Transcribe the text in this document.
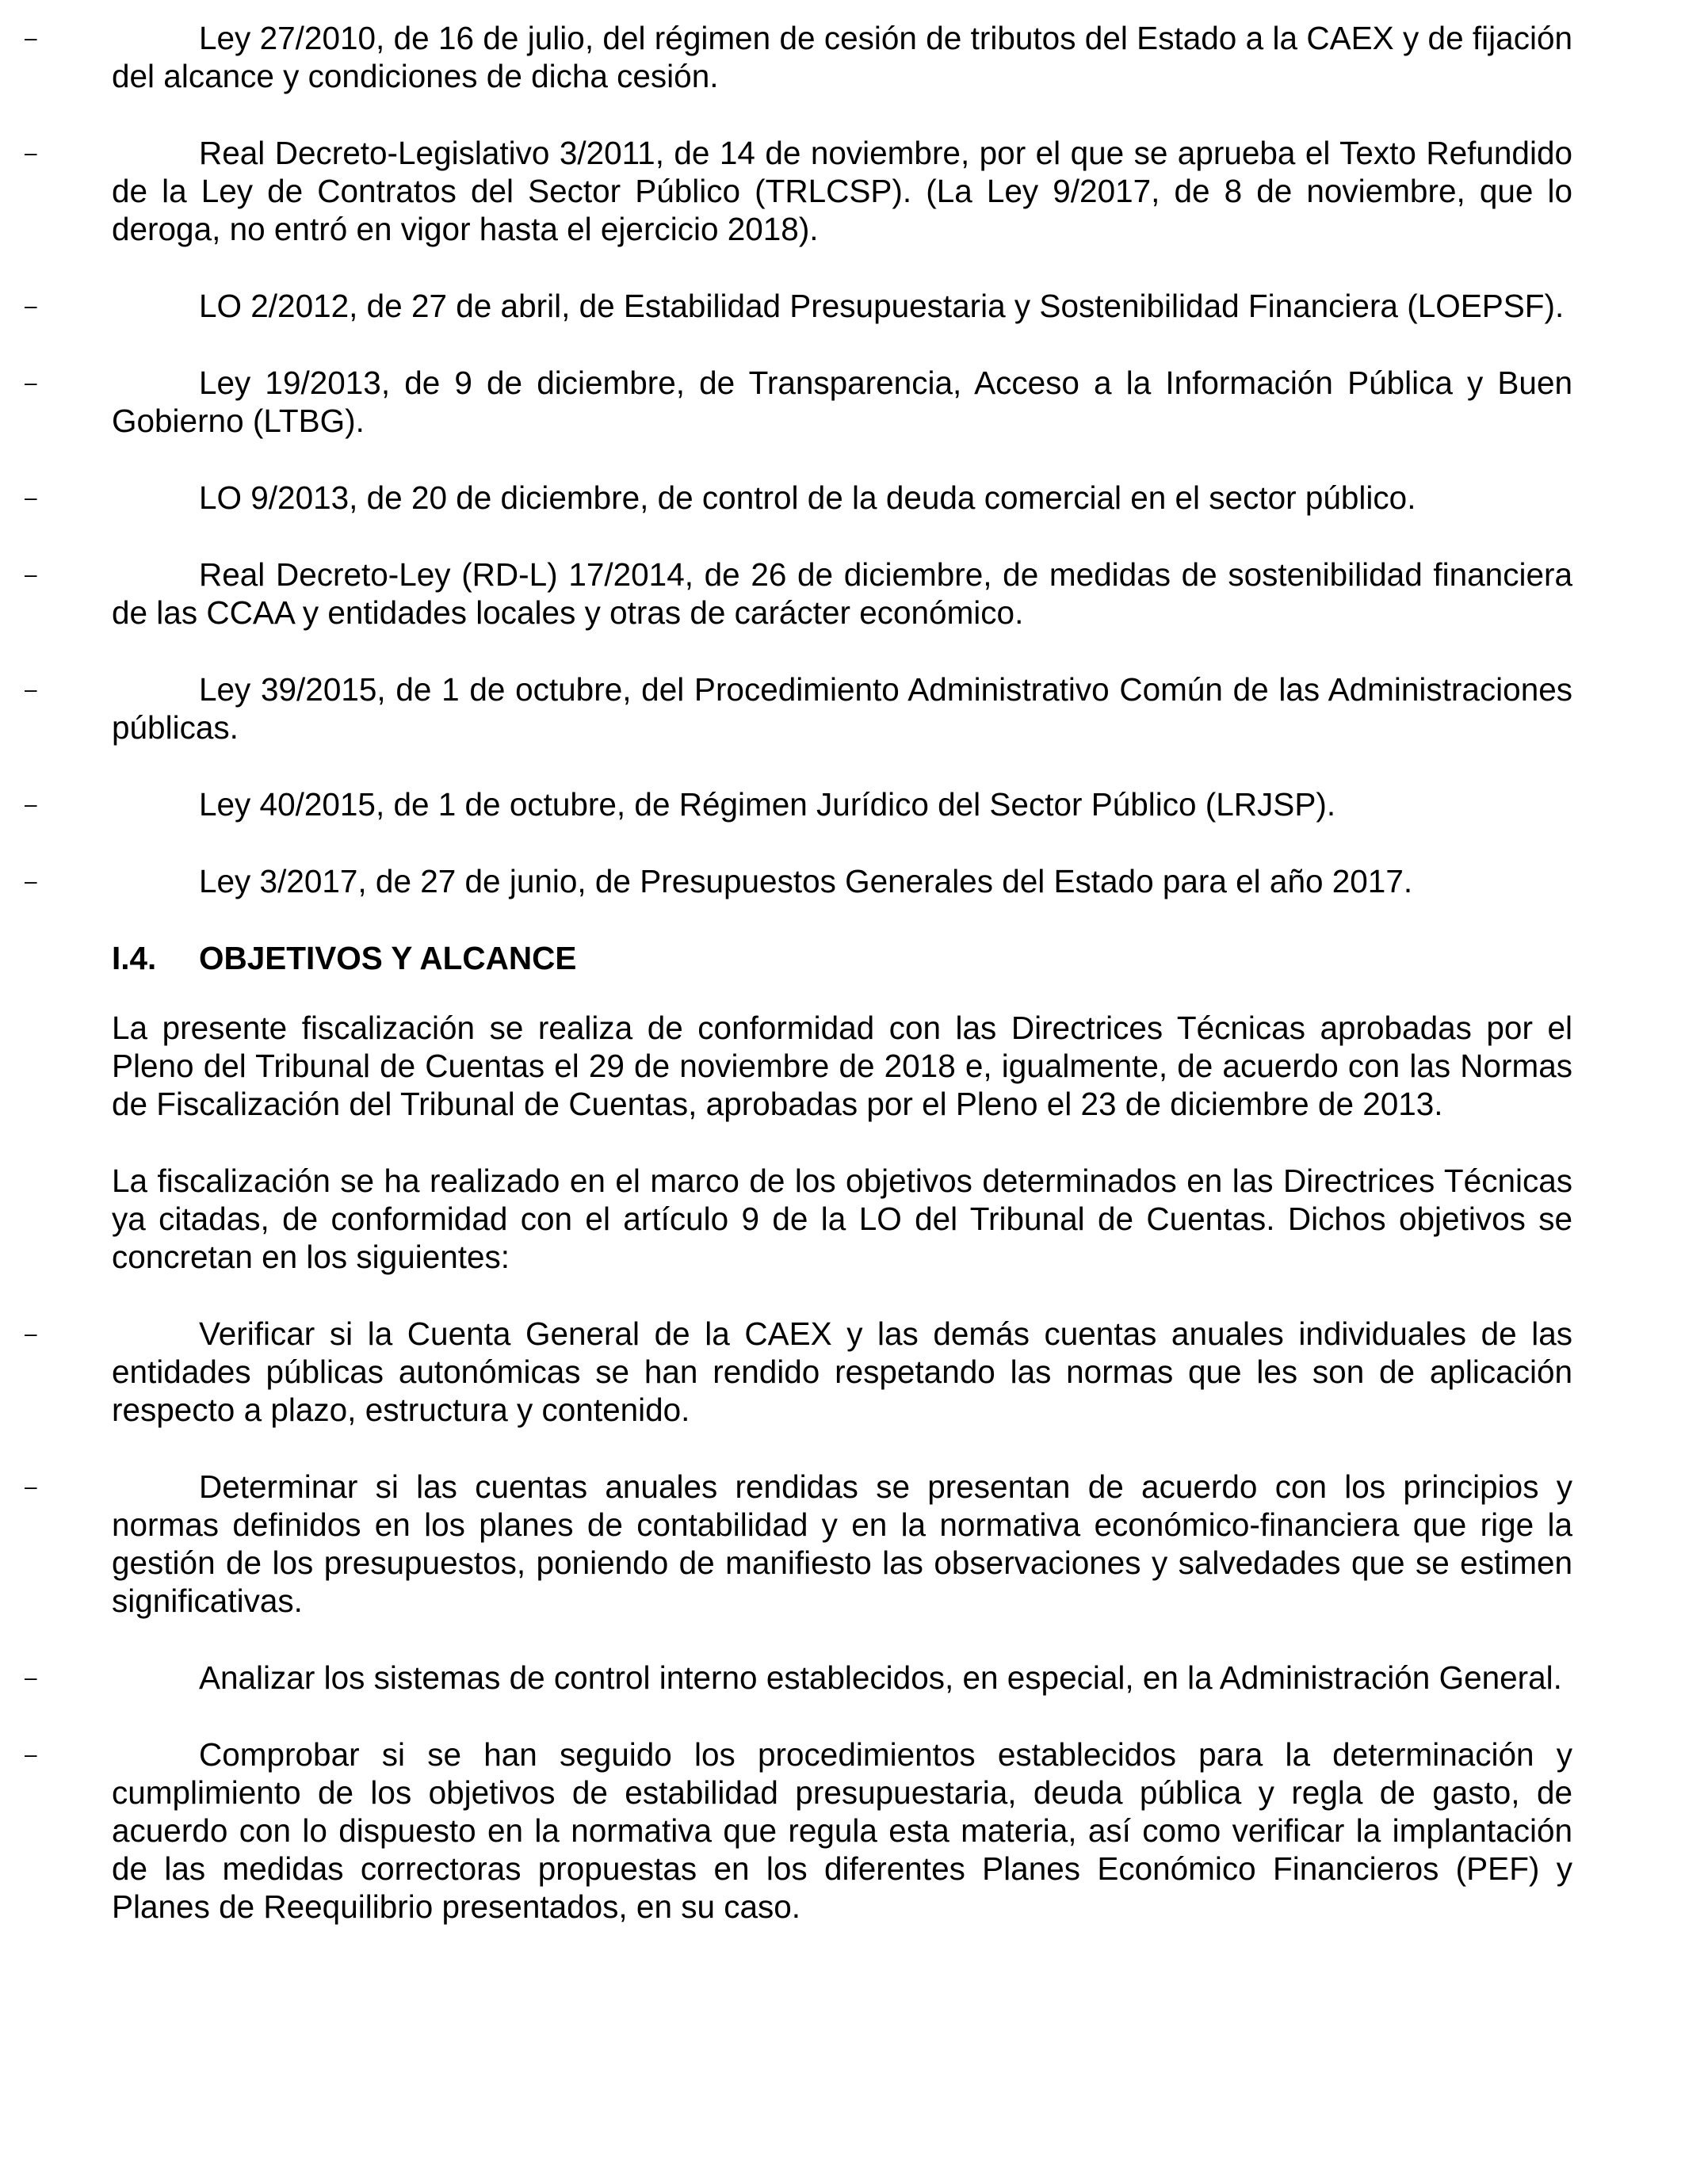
–	Ley 27/2010, de 16 de julio, del régimen de cesión de tributos del Estado a la CAEX y de fijación del alcance y condiciones de dicha cesión.
–	Real Decreto-Legislativo 3/2011, de 14 de noviembre, por el que se aprueba el Texto Refundido de la Ley de Contratos del Sector Público (TRLCSP). (La Ley 9/2017, de 8 de noviembre, que lo deroga, no entró en vigor hasta el ejercicio 2018).
–	LO 2/2012, de 27 de abril, de Estabilidad Presupuestaria y Sostenibilidad Financiera (LOEPSF).
–	Ley 19/2013, de 9 de diciembre, de Transparencia, Acceso a la Información Pública y Buen Gobierno (LTBG).
–	LO 9/2013, de 20 de diciembre, de control de la deuda comercial en el sector público.
–	Real Decreto-Ley (RD-L) 17/2014, de 26 de diciembre, de medidas de sostenibilidad financiera de las CCAA y entidades locales y otras de carácter económico.
–	Ley 39/2015, de 1 de octubre, del Procedimiento Administrativo Común de las Administraciones públicas.
–	Ley 40/2015, de 1 de octubre, de Régimen Jurídico del Sector Público (LRJSP).
–	Ley 3/2017, de 27 de junio, de Presupuestos Generales del Estado para el año 2017.
I.4. OBJETIVOS Y ALCANCE
La presente fiscalización se realiza de conformidad con las Directrices Técnicas aprobadas por el Pleno del Tribunal de Cuentas el 29 de noviembre de 2018 e, igualmente, de acuerdo con las Normas de Fiscalización del Tribunal de Cuentas, aprobadas por el Pleno el 23 de diciembre de 2013.
La fiscalización se ha realizado en el marco de los objetivos determinados en las Directrices Técnicas ya citadas, de conformidad con el artículo 9 de la LO del Tribunal de Cuentas. Dichos objetivos se concretan en los siguientes:
–	Verificar si la Cuenta General de la CAEX y las demás cuentas anuales individuales de las entidades públicas autonómicas se han rendido respetando las normas que les son de aplicación respecto a plazo, estructura y contenido.
–	Determinar si las cuentas anuales rendidas se presentan de acuerdo con los principios y normas definidos en los planes de contabilidad y en la normativa económico-financiera que rige la gestión de los presupuestos, poniendo de manifiesto las observaciones y salvedades que se estimen significativas.
–	Analizar los sistemas de control interno establecidos, en especial, en la Administración General.
–	Comprobar si se han seguido los procedimientos establecidos para la determinación y cumplimiento de los objetivos de estabilidad presupuestaria, deuda pública y regla de gasto, de acuerdo con lo dispuesto en la normativa que regula esta materia, así como verificar la implantación de las medidas correctoras propuestas en los diferentes Planes Económico Financieros (PEF) y Planes de Reequilibrio presentados, en su caso.
